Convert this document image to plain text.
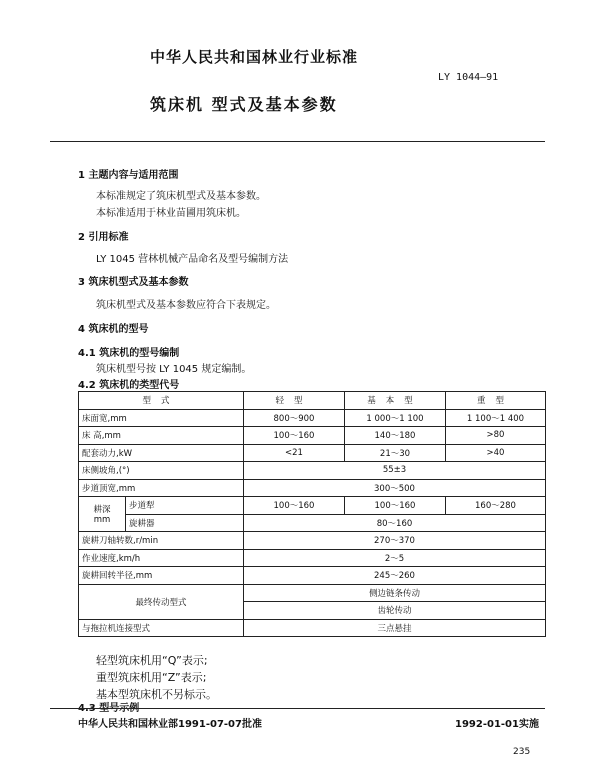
中华人民共和国林业行业标准
LY 1044—91
筑床机 型式及基本参数
1 主题内容与适用范围
本标准规定了筑床机型式及基本参数。
本标准适用于林业苗圃用筑床机。
2 引用标准
LY 1045 营林机械产品命名及型号编制方法
3 筑床机型式及基本参数
筑床机型式及基本参数应符合下表规定。
4 筑床机的型号
4.1 筑床机的型号编制
筑床机型号按 LY 1045 规定编制。
4.2 筑床机的类型代号
型式		轻型	基本型	重型
床面宽,mm		800～900	1 000～1 100	1 100～1 400
床 高,mm		100～160	140～180	>80
配套动力,kW		<21	21～30	>40
床侧坡角,(°)		55±3		
步道顶宽,mm		300～500		
耕深
mm	步道犁	100～160	100～160	160～280
	旋耕器	80～160		
旋耕刀轴转数,r/min		270～370		
作业速度,km/h		2～5		
旋耕回转半径,mm		245～260		
最终传动型式		侧边链条传动		
		齿轮传动		
与拖拉机连接型式		三点悬挂		
轻型筑床机用“Q”表示;
重型筑床机用“Z”表示;
基本型筑床机不另标示。
中华人民共和国林业部1991-07-07批准	1992-01-01实施
235
